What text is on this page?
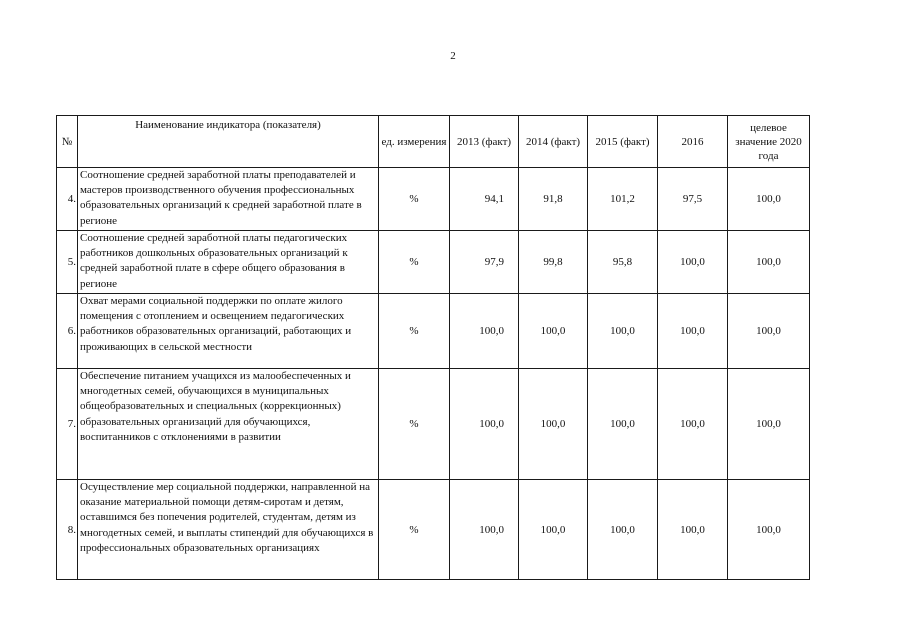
2
№	Наименование индикатора (показателя)	ед. измерения	2013 (факт)	2014 (факт)	2015 (факт)	2016	целевое значение 2020 года
4.	Соотношение средней заработной платы преподавателей и мастеров производственного обучения профессиональных образовательных организаций к средней заработной плате в регионе	%	94,1	91,8	101,2	97,5	100,0
5.	Соотношение средней заработной платы педагогических работников дошкольных образовательных организаций к средней заработной плате в сфере общего образования в регионе	%	97,9	99,8	95,8	100,0	100,0
6.	Охват мерами социальной поддержки по оплате жилого помещения с отоплением и освещением педагогических работников образовательных организаций, работающих и проживающих в сельской местности	%	100,0	100,0	100,0	100,0	100,0
7.	Обеспечение питанием учащихся из малообеспеченных и многодетных семей, обучающихся в муниципальных общеобразовательных и специальных (коррекционных) образовательных организаций для обучающихся, воспитанников с отклонениями в развитии	%	100,0	100,0	100,0	100,0	100,0
8.	Осуществление мер социальной поддержки, направленной на оказание материальной помощи детям-сиротам и детям, оставшимся без попечения родителей, студентам, детям из многодетных семей, и выплаты стипендий для обучающихся в профессиональных образовательных организациях	%	100,0	100,0	100,0	100,0	100,0
